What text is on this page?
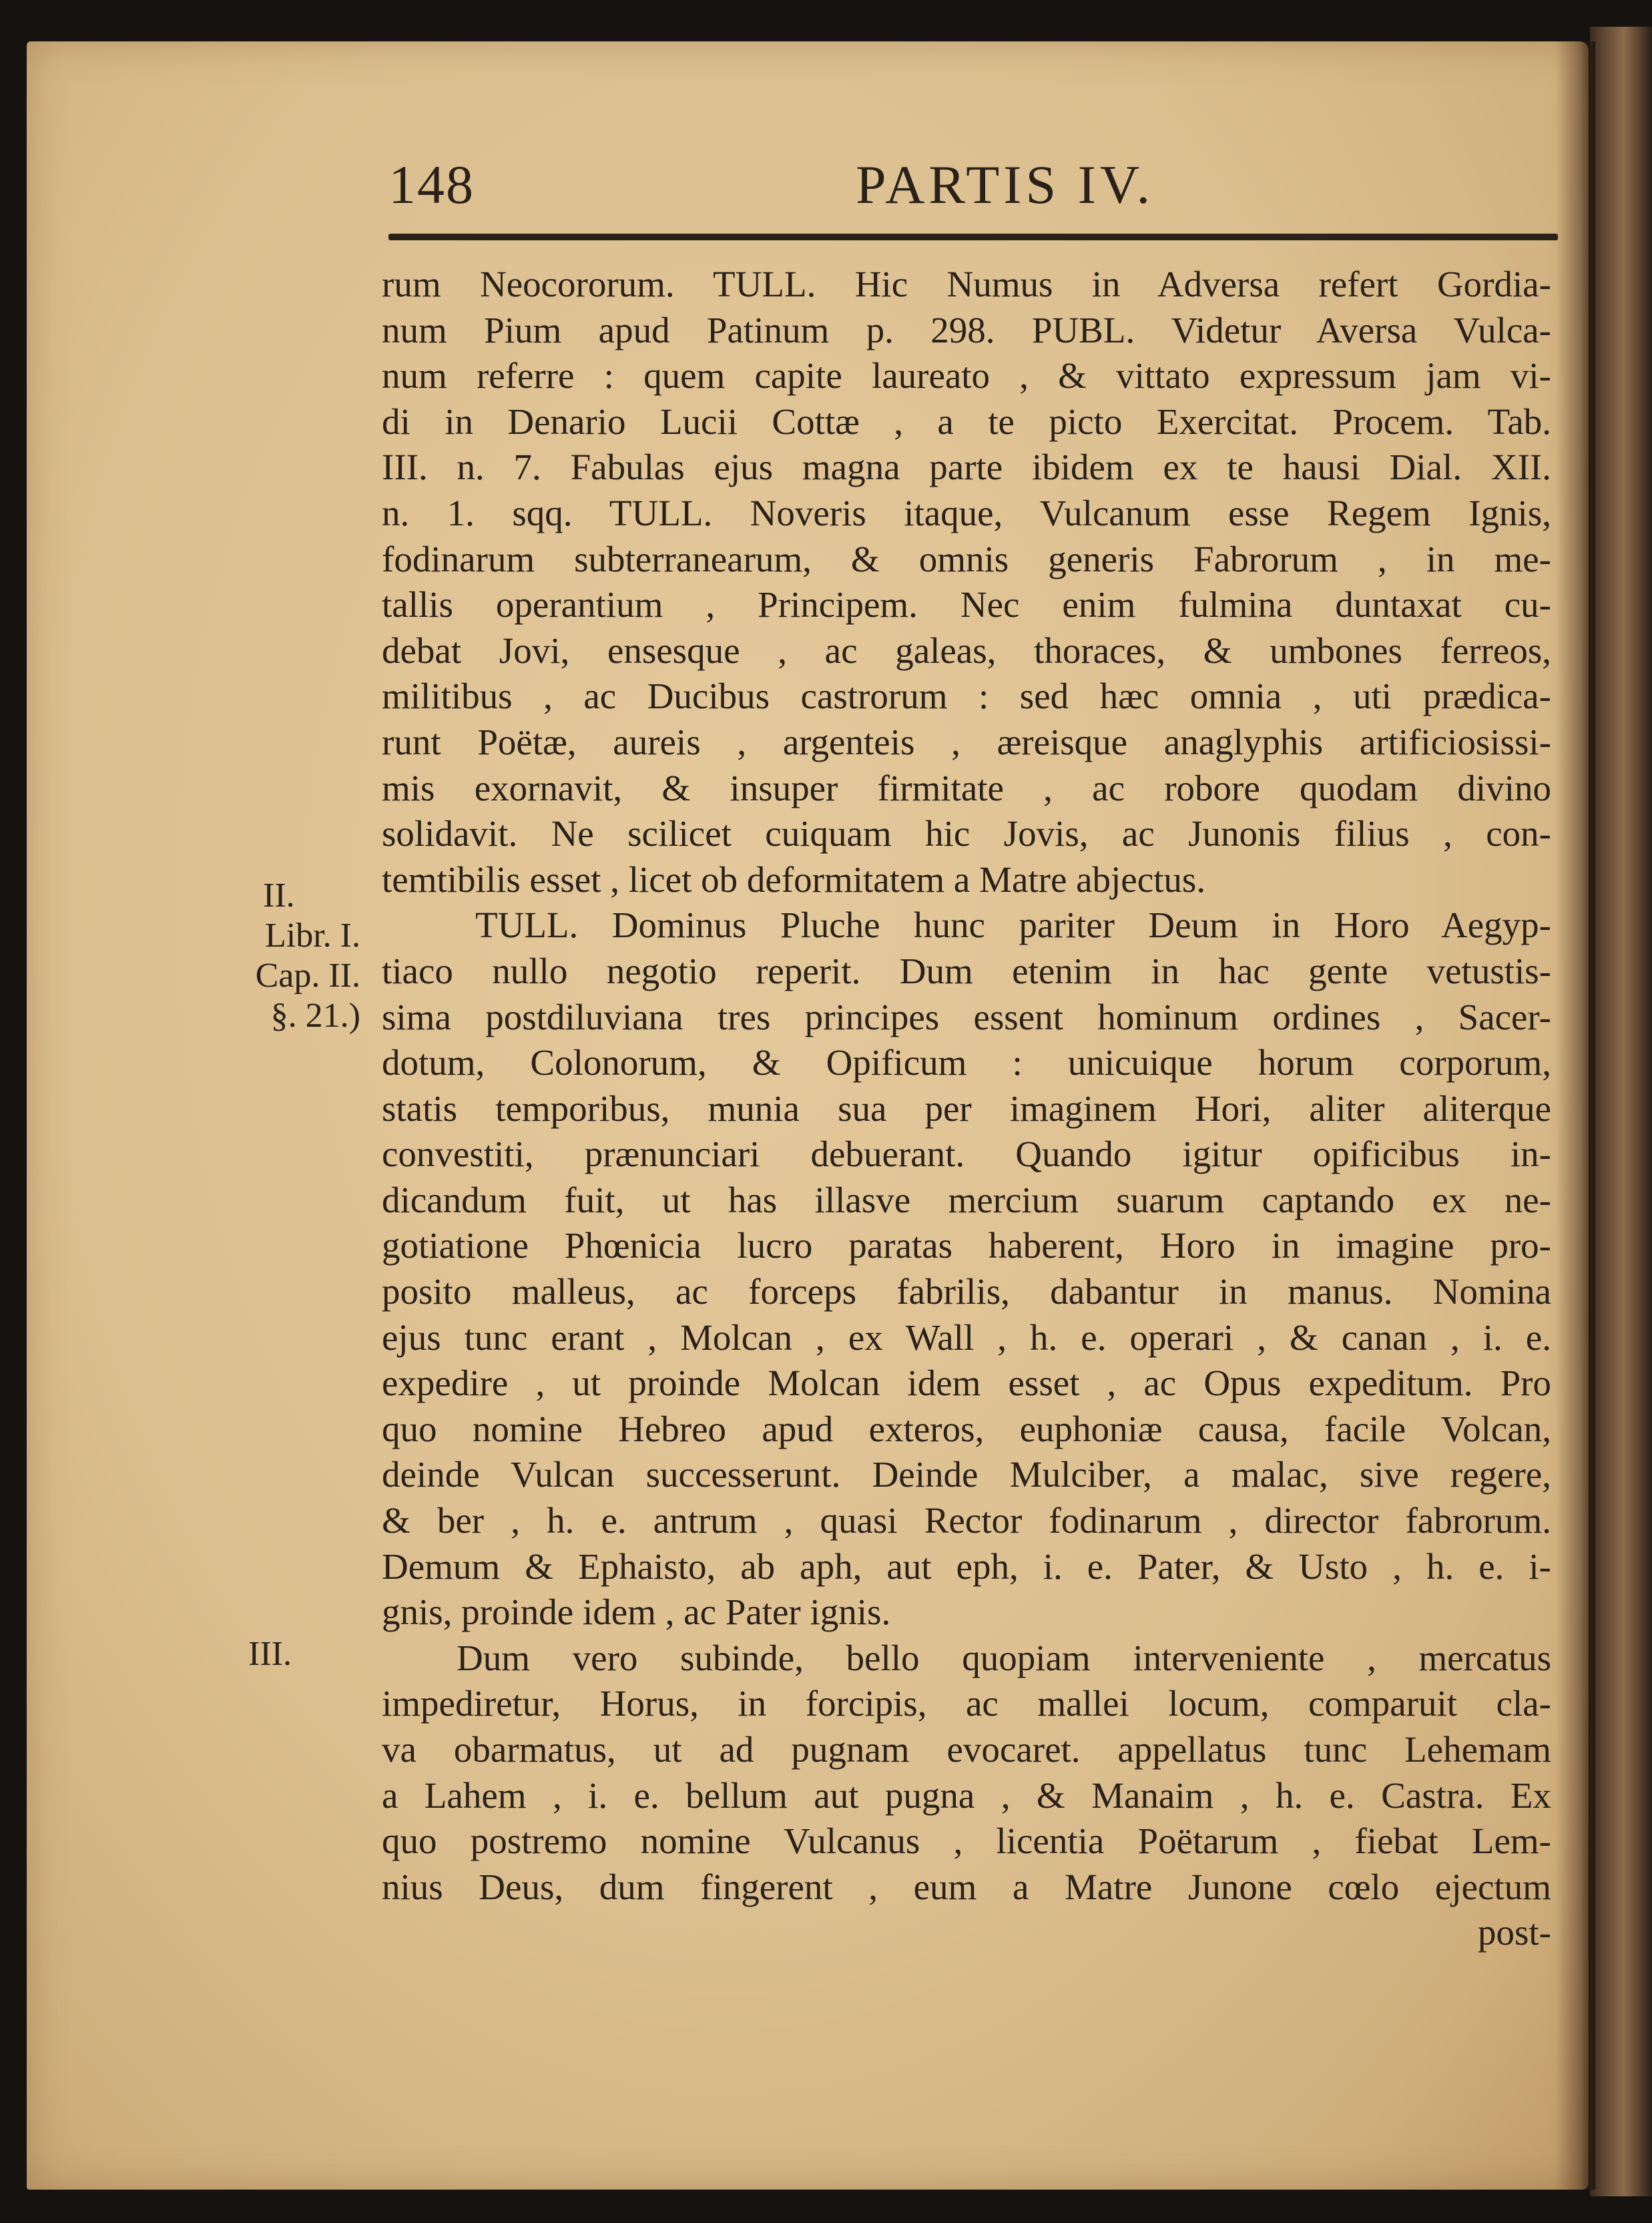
148	PARTIS IV.
II.
Libr. I.
Cap. II.
§. 21.)
III.
rum Neocororum. TULL. Hic Numus in Adversa refert Gordia-
num Pium apud Patinum p. 298. PUBL. Videtur Aversa Vulca-
num referre : quem capite laureato , & vittato expressum jam vi-
di in Denario Lucii Cottæ , a te picto Exercitat. Procem. Tab.
III. n. 7. Fabulas ejus magna parte ibidem ex te hausi Dial. XII.
n. 1. sqq. TULL. Noveris itaque, Vulcanum esse Regem Ignis,
fodinarum subterranearum, & omnis generis Fabrorum , in me-
tallis operantium , Principem. Nec enim fulmina duntaxat cu-
debat Jovi, ensesque , ac galeas, thoraces, & umbones ferreos,
militibus , ac Ducibus castrorum : sed hæc omnia , uti prædica-
runt Poëtæ, aureis , argenteis , æreisque anaglyphis artificiosissi-
mis exornavit, & insuper firmitate , ac robore quodam divino
solidavit. Ne scilicet cuiquam hic Jovis, ac Junonis filius , con-
temtibilis esset , licet ob deformitatem a Matre abjectus.
TULL. Dominus Pluche hunc pariter Deum in Horo Aegyp-
tiaco nullo negotio reperit. Dum etenim in hac gente vetustis-
sima postdiluviana tres principes essent hominum ordines , Sacer-
dotum, Colonorum, & Opificum : unicuique horum corporum,
statis temporibus, munia sua per imaginem Hori, aliter aliterque
convestiti, prænunciari debuerant. Quando igitur opificibus in-
dicandum fuit, ut has illasve mercium suarum captando ex ne-
gotiatione Phœnicia lucro paratas haberent, Horo in imagine pro-
posito malleus, ac forceps fabrilis, dabantur in manus. Nomina
ejus tunc erant , Molcan , ex Wall , h. e. operari , & canan , i. e.
expedire , ut proinde Molcan idem esset , ac Opus expeditum. Pro
quo nomine Hebreo apud exteros, euphoniæ causa, facile Volcan,
deinde Vulcan successerunt. Deinde Mulciber, a malac, sive regere,
& ber , h. e. antrum , quasi Rector fodinarum , director fabrorum.
Demum & Ephaisto, ab aph, aut eph, i. e. Pater, & Usto , h. e. i-
gnis, proinde idem , ac Pater ignis.
Dum vero subinde, bello quopiam interveniente , mercatus
impediretur, Horus, in forcipis, ac mallei locum, comparuit cla-
va obarmatus, ut ad pugnam evocaret. appellatus tunc Lehemam
a Lahem , i. e. bellum aut pugna , & Manaim , h. e. Castra. Ex
quo postremo nomine Vulcanus , licentia Poëtarum , fiebat Lem-
nius Deus, dum fingerent , eum a Matre Junone cœlo ejectum
post-
